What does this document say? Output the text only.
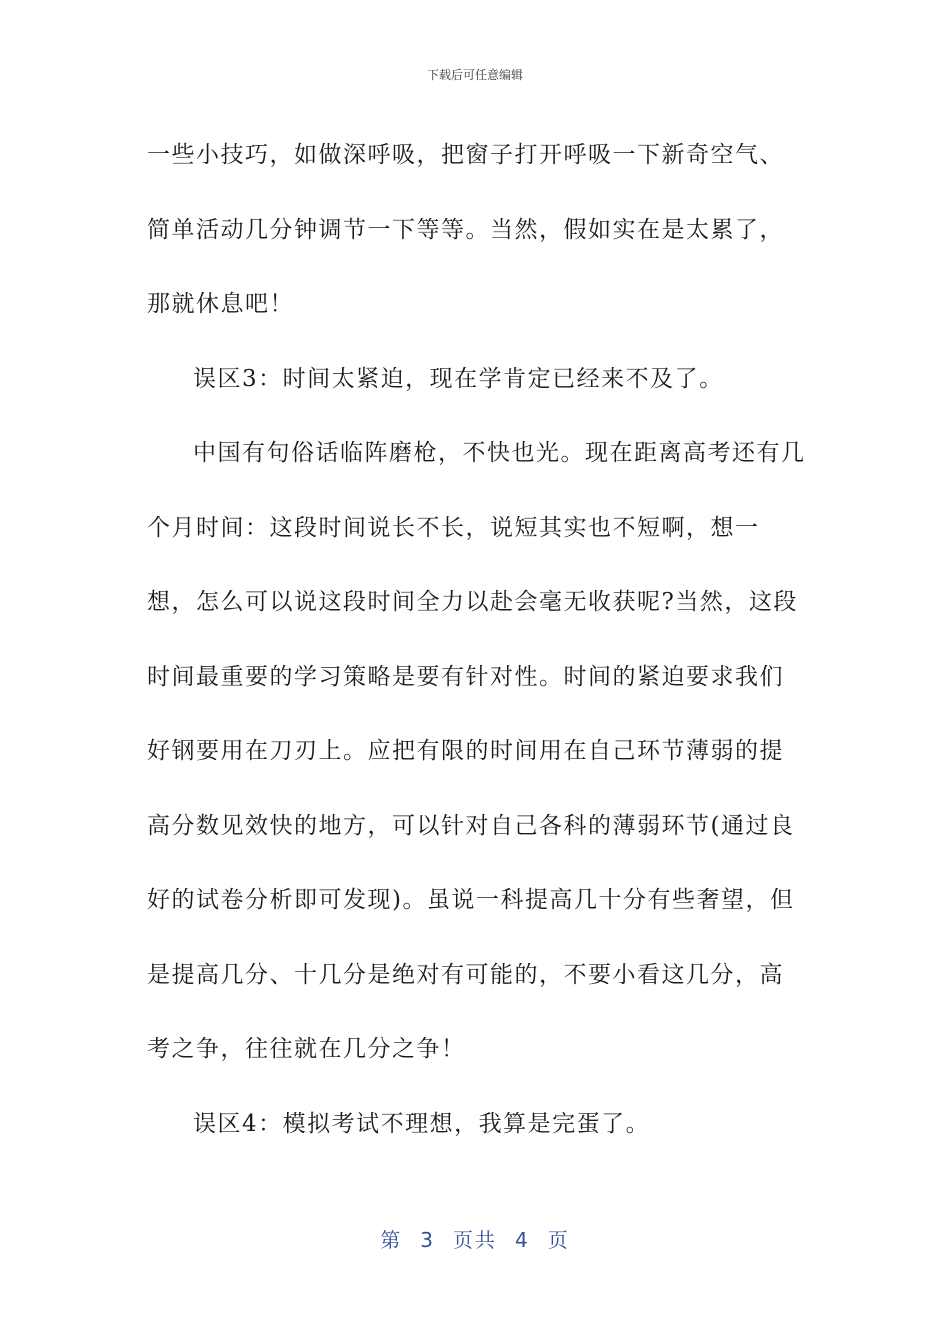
下载后可任意编辑

一些小技巧，如做深呼吸，把窗子打开呼吸一下新奇空气、简单活动几分钟调节一下等等。当然，假如实在是太累了，那就休息吧！

误区3：时间太紧迫，现在学肯定已经来不及了。

中国有句俗话临阵磨枪，不快也光。现在距离高考还有几个月时间：这段时间说长不长，说短其实也不短啊，想一想，怎么可以说这段时间全力以赴会毫无收获呢?当然，这段时间最重要的学习策略是要有针对性。时间的紧迫要求我们好钢要用在刀刃上。应把有限的时间用在自己环节薄弱的提高分数见效快的地方，可以针对自己各科的薄弱环节(通过良好的试卷分析即可发现)。虽说一科提高几十分有些奢望，但是提高几分、十几分是绝对有可能的，不要小看这几分，高考之争，往往就在几分之争！

误区4：模拟考试不理想，我算是完蛋了。

第 3 页共 4 页
